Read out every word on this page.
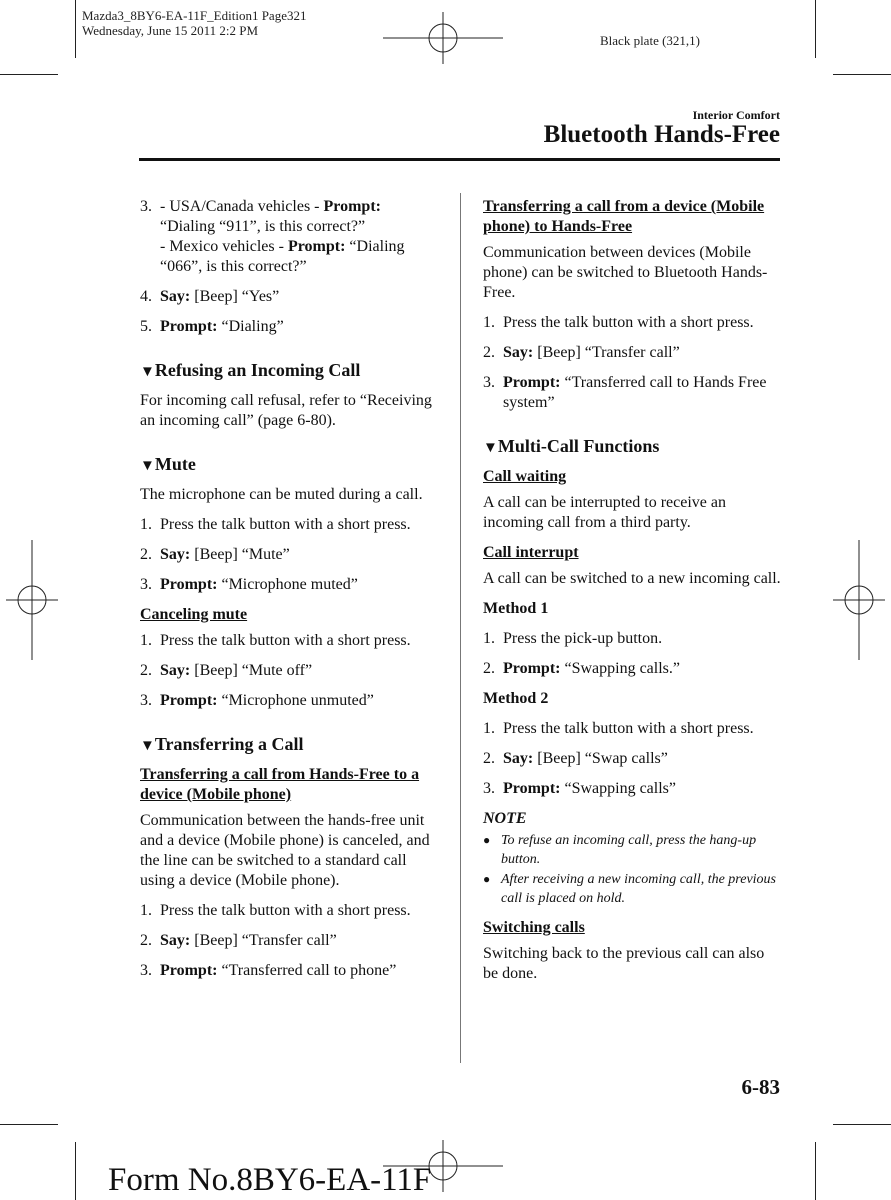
Mazda3_8BY6-EA-11F_Edition1 Page321
Wednesday, June 15 2011 2:2 PM
Black plate (321,1)
Interior Comfort
Bluetooth Hands-Free
3. - USA/Canada vehicles - Prompt:
“Dialing “911”, is this correct?”
- Mexico vehicles - Prompt: “Dialing
“066”, is this correct?”
4. Say: [Beep] “Yes”
5. Prompt: “Dialing”
▼Refusing an Incoming Call
For incoming call refusal, refer to “Receiving an incoming call” (page 6-80).
▼Mute
The microphone can be muted during a call.
1. Press the talk button with a short press.
2. Say: [Beep] “Mute”
3. Prompt: “Microphone muted”
Canceling mute
1. Press the talk button with a short press.
2. Say: [Beep] “Mute off”
3. Prompt: “Microphone unmuted”
▼Transferring a Call
Transferring a call from Hands-Free to a device (Mobile phone)
Communication between the hands-free unit and a device (Mobile phone) is canceled, and the line can be switched to a standard call using a device (Mobile phone).
1. Press the talk button with a short press.
2. Say: [Beep] “Transfer call”
3. Prompt: “Transferred call to phone”
Transferring a call from a device (Mobile phone) to Hands-Free
Communication between devices (Mobile phone) can be switched to Bluetooth Hands-Free.
1. Press the talk button with a short press.
2. Say: [Beep] “Transfer call”
3. Prompt: “Transferred call to Hands Free system”
▼Multi-Call Functions
Call waiting
A call can be interrupted to receive an incoming call from a third party.
Call interrupt
A call can be switched to a new incoming call.
Method 1
1. Press the pick-up button.
2. Prompt: “Swapping calls.”
Method 2
1. Press the talk button with a short press.
2. Say: [Beep] “Swap calls”
3. Prompt: “Swapping calls”
NOTE
● To refuse an incoming call, press the hang-up button.
● After receiving a new incoming call, the previous call is placed on hold.
Switching calls
Switching back to the previous call can also be done.
6-83
Form No.8BY6-EA-11F
